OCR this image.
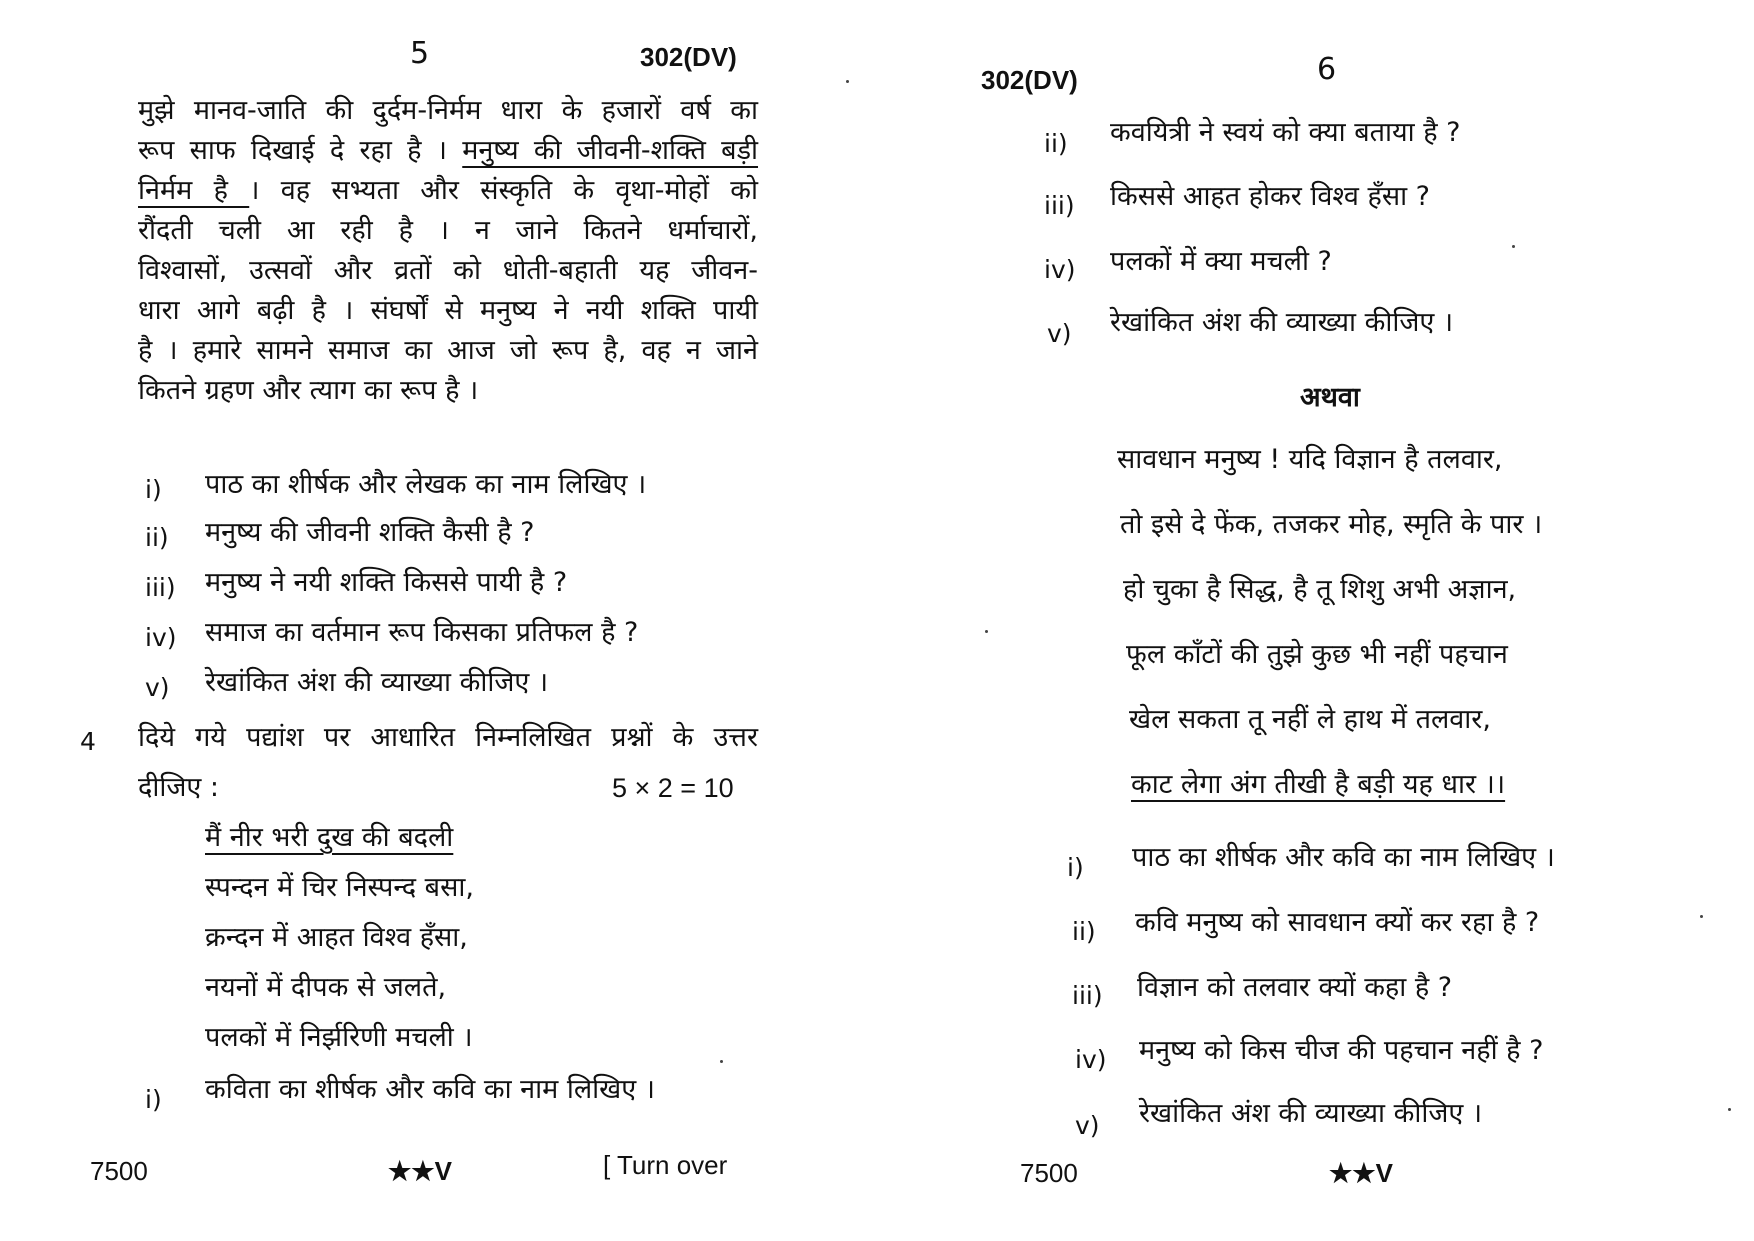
5	302(DV)
मुझे मानव-जाति की दुर्दम-निर्मम धारा के हजारों वर्ष का
रूप साफ दिखाई दे रहा है । मनुष्य की जीवनी-शक्ति बड़ी
निर्मम है । वह सभ्यता और संस्कृति के वृथा-मोहों को
रौंदती चली आ रही है । न जाने कितने धर्माचारों,
विश्वासों, उत्सवों और व्रतों को धोती-बहाती यह जीवन-
धारा आगे बढ़ी है । संघर्षों से मनुष्य ने नयी शक्ति पायी
है । हमारे सामने समाज का आज जो रूप है, वह न जाने
कितने ग्रहण और त्याग का रूप है ।
i) पाठ का शीर्षक और लेखक का नाम लिखिए ।
ii) मनुष्य की जीवनी शक्ति कैसी है ?
iii) मनुष्य ने नयी शक्ति किससे पायी है ?
iv) समाज का वर्तमान रूप किसका प्रतिफल है ?
v) रेखांकित अंश की व्याख्या कीजिए ।
4 दिये गये पद्यांश पर आधारित निम्नलिखित प्रश्नों के उत्तर
दीजिए :	5 × 2 = 10
मैं नीर भरी दुख की बदली
स्पन्दन में चिर निस्पन्द बसा,
क्रन्दन में आहत विश्व हँसा,
नयनों में दीपक से जलते,
पलकों में निर्झरिणी मचली ।
i) कविता का शीर्षक और कवि का नाम लिखिए ।
7500	★★V	[ Turn over
302(DV)	6
ii) कवयित्री ने स्वयं को क्या बताया है ?
iii) किससे आहत होकर विश्व हँसा ?
iv) पलकों में क्या मचली ?
v) रेखांकित अंश की व्याख्या कीजिए ।
अथवा
सावधान मनुष्य ! यदि विज्ञान है तलवार,
तो इसे दे फेंक, तजकर मोह, स्मृति के पार ।
हो चुका है सिद्ध, है तू शिशु अभी अज्ञान,
फूल काँटों की तुझे कुछ भी नहीं पहचान
खेल सकता तू नहीं ले हाथ में तलवार,
काट लेगा अंग तीखी है बड़ी यह धार ।।
i) पाठ का शीर्षक और कवि का नाम लिखिए ।
ii) कवि मनुष्य को सावधान क्यों कर रहा है ?
iii) विज्ञान को तलवार क्यों कहा है ?
iv) मनुष्य को किस चीज की पहचान नहीं है ?
v) रेखांकित अंश की व्याख्या कीजिए ।
7500	★★V
